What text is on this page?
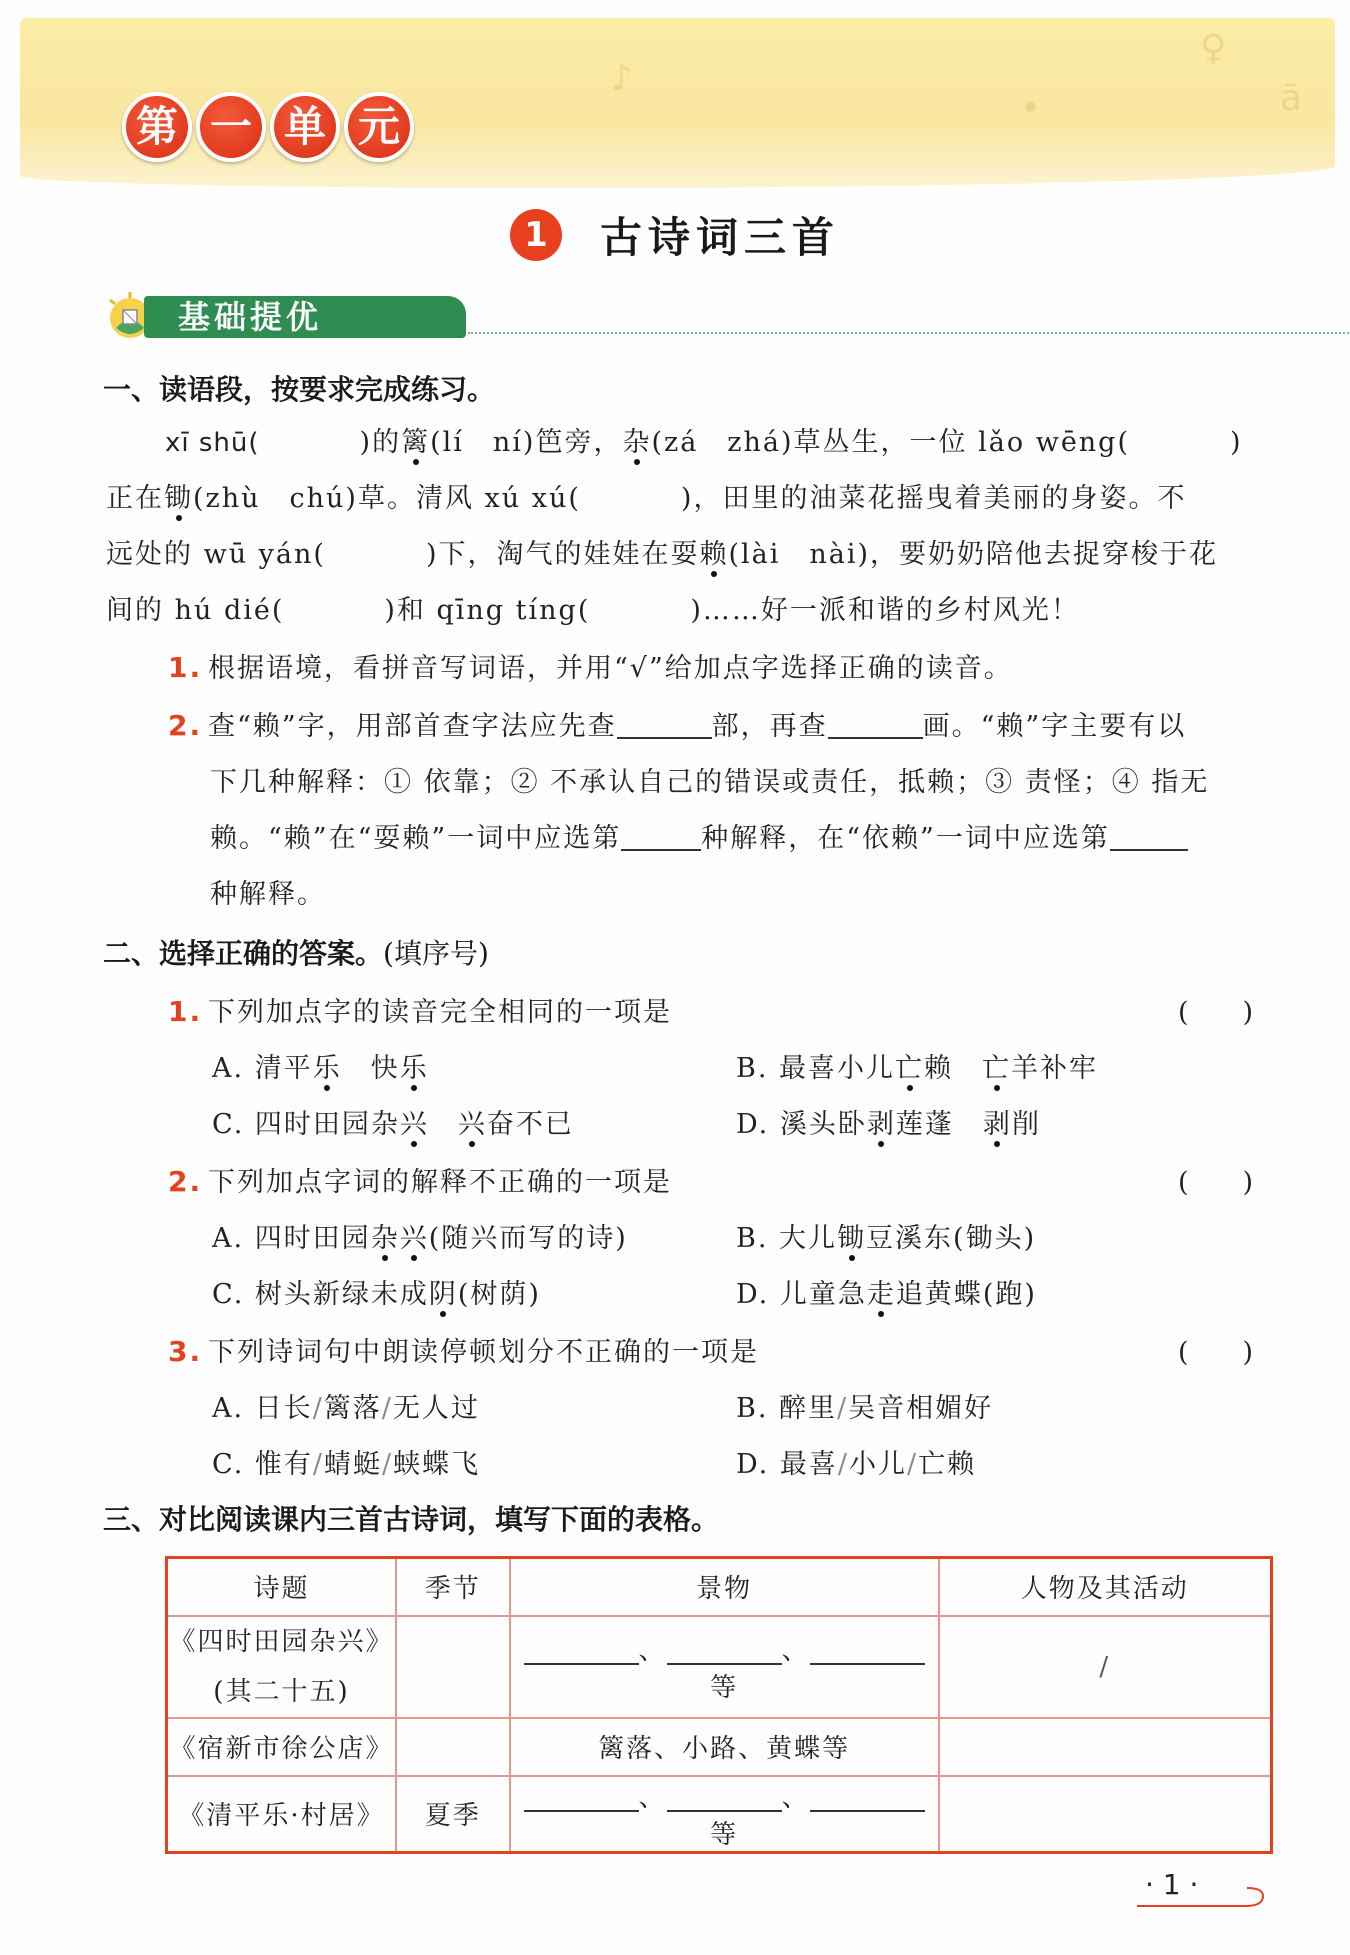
♪
♀
ā
•
第 一 单 元
1	古诗词三首
基础提优
一、读语段，按要求完成练习。
xī shū(	)的篱(lí　ní)笆旁，杂(zá　zhá)草丛生，一位 lǎo wēng(	)
正在锄(zhù　chú)草。清风 xú xú(	)，田里的油菜花摇曳着美丽的身姿。不
远处的 wū yán(	)下，淘气的娃娃在耍赖(lài　nài)，要奶奶陪他去捉穿梭于花
间的 hú dié(	)和 qīng tíng(	)……好一派和谐的乡村风光！
1. 根据语境，看拼音写词语，并用“√”给加点字选择正确的读音。
2. 查“赖”字，用部首查字法应先查	部，再查	画。“赖”字主要有以
下几种解释：① 依靠；② 不承认自己的错误或责任，抵赖；③ 责怪；④ 指无
赖。“赖”在“耍赖”一词中应选第	种解释，在“依赖”一词中应选第
种解释。
二、选择正确的答案。(填序号)
1. 下列加点字的读音完全相同的一项是	(　　)
A. 清平乐　快乐	B. 最喜小儿亡赖　亡羊补牢
C. 四时田园杂兴　 兴奋不已	D. 溪头卧剥莲蓬　剥削
2. 下列加点字词的解释不正确的一项是	(　　)
A. 四时田园杂兴(随兴而写的诗)	B. 大儿锄豆溪东(锄头)
C. 树头新绿未成阴(树荫)	D. 儿童急走追黄蝶(跑)
3. 下列诗词句中朗读停顿划分不正确的一项是	(　　)
A. 日长/篱落/无人过	B. 醉里/吴音相媚好
C. 惟有/蜻蜓/蛱蝶飞	D. 最喜/小儿/亡赖
三、对比阅读课内三首古诗词，填写下面的表格。
诗题	季节	景物	人物及其活动

《四时田园杂兴》
(其二十五)		、 、等	/
《宿新市徐公店》		篱落、小路、黄蝶等	
《清平乐·村居》	夏季	、 、等	
· 1 ·
